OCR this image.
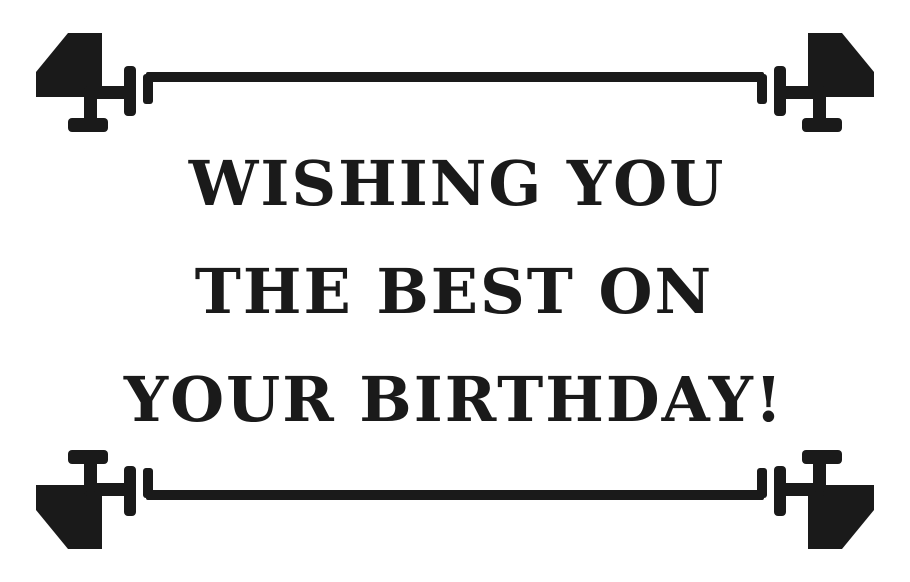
WISHING YOU
THE BEST ON
YOUR BIRTHDAY!
